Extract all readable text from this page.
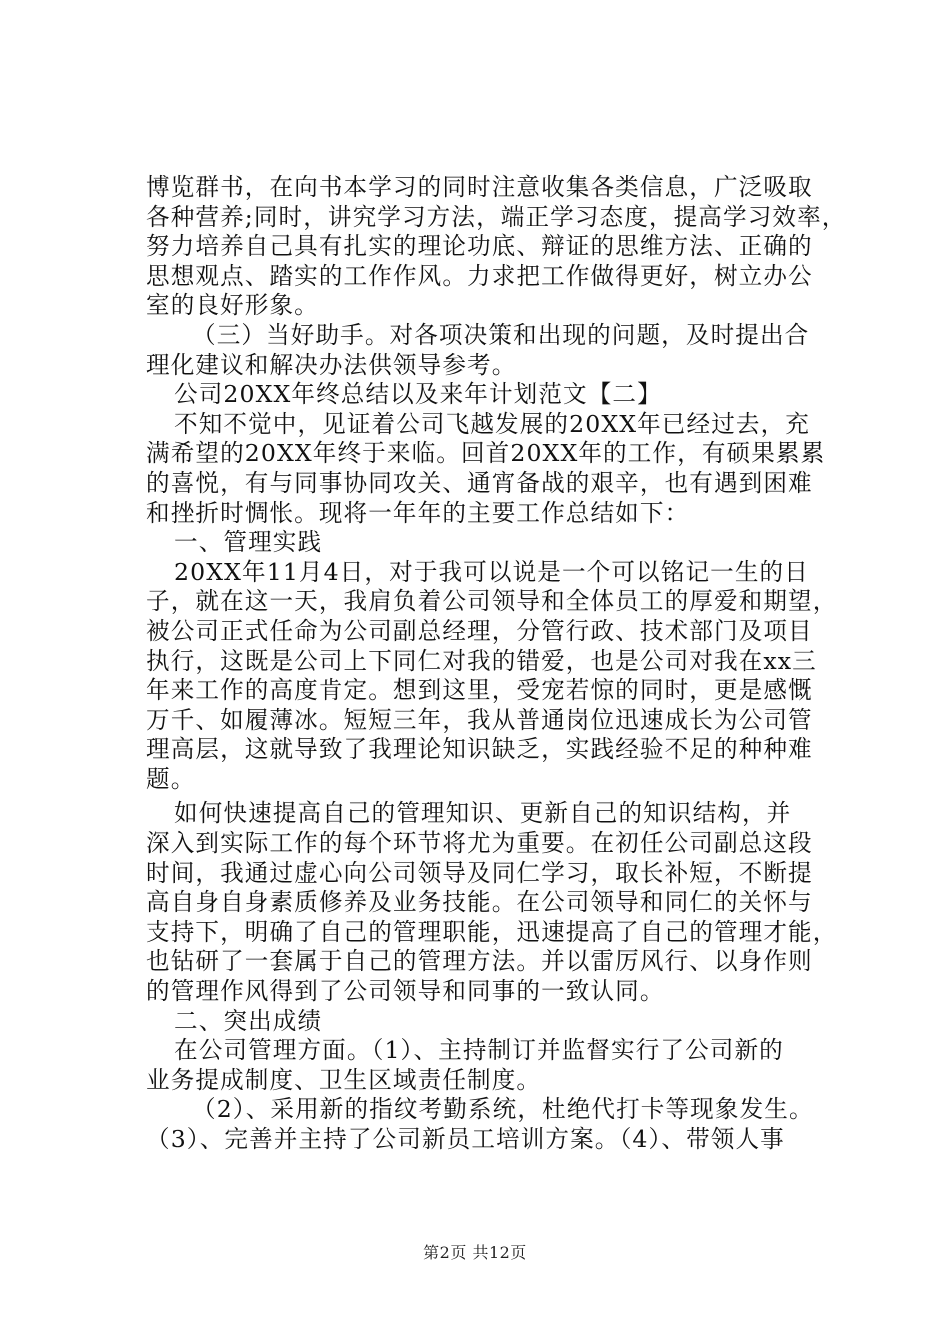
博览群书，在向书本学习的同时注意收集各类信息，广泛吸取
各种营养;同时，讲究学习方法，端正学习态度，提高学习效率，
努力培养自己具有扎实的理论功底、辩证的思维方法、正确的
思想观点、踏实的工作作风。力求把工作做得更好，树立办公
室的良好形象。
（三）当好助手。对各项决策和出现的问题，及时提出合
理化建议和解决办法供领导参考。
公司20XX年终总结以及来年计划范文【二】
不知不觉中，见证着公司飞越发展的20XX年已经过去，充
满希望的20XX年终于来临。回首20XX年的工作，有硕果累累
的喜悦，有与同事协同攻关、通宵备战的艰辛，也有遇到困难
和挫折时惆怅。现将一年年的主要工作总结如下：
一、管理实践
20XX年11月4日，对于我可以说是一个可以铭记一生的日
子，就在这一天，我肩负着公司领导和全体员工的厚爱和期望，
被公司正式任命为公司副总经理，分管行政、技术部门及项目
执行，这既是公司上下同仁对我的错爱，也是公司对我在xx三
年来工作的高度肯定。想到这里，受宠若惊的同时，更是感慨
万千、如履薄冰。短短三年，我从普通岗位迅速成长为公司管
理高层，这就导致了我理论知识缺乏，实践经验不足的种种难
题。
如何快速提高自己的管理知识、更新自己的知识结构，并
深入到实际工作的每个环节将尤为重要。在初任公司副总这段
时间，我通过虚心向公司领导及同仁学习，取长补短，不断提
高自身自身素质修养及业务技能。在公司领导和同仁的关怀与
支持下，明确了自己的管理职能，迅速提高了自己的管理才能，
也钻研了一套属于自己的管理方法。并以雷厉风行、以身作则
的管理作风得到了公司领导和同事的一致认同。
二、突出成绩
在公司管理方面。（1）、主持制订并监督实行了公司新的
业务提成制度、卫生区域责任制度。
（2）、采用新的指纹考勤系统，杜绝代打卡等现象发生。
（3）、完善并主持了公司新员工培训方案。（4）、带领人事
第2页 共12页
